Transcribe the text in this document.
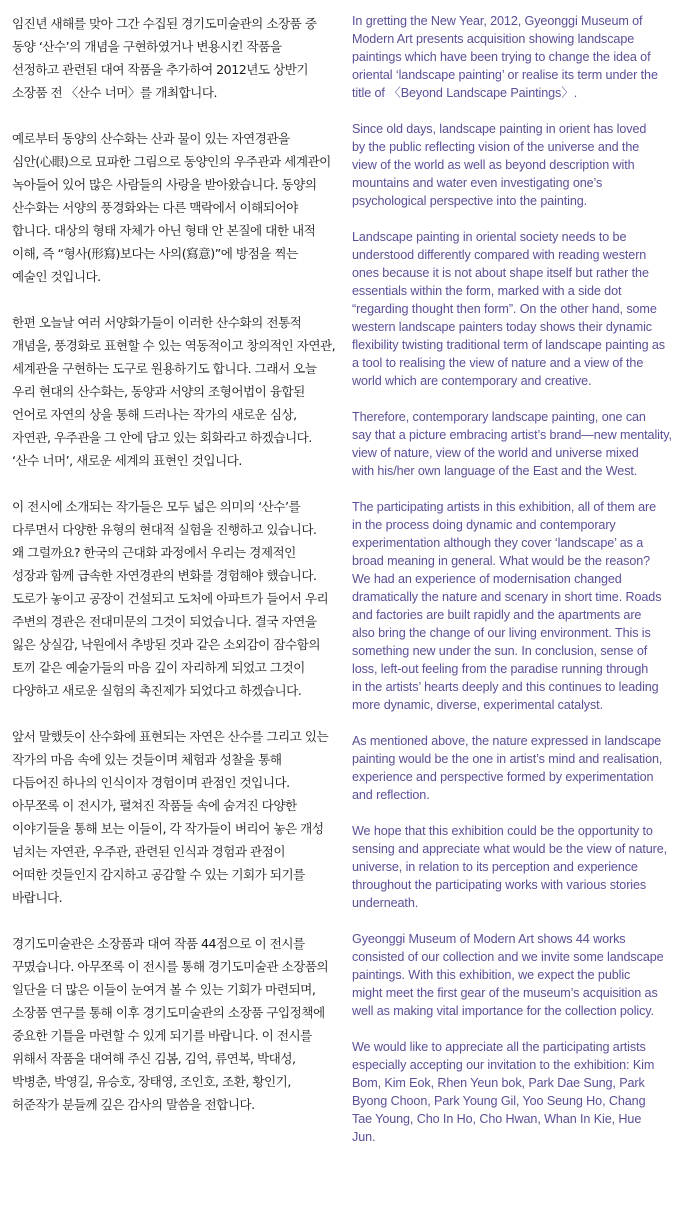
임진년 새해를 맞아 그간 수집된 경기도미술관의 소장품 중
동양 ‘산수’의 개념을 구현하였거나 변용시킨 작품을
선정하고 관련된 대여 작품을 추가하여 2012년도 상반기
소장품 전 〈산수 너머〉를 개최합니다.

예로부터 동양의 산수화는 산과 물이 있는 자연경관을
심안(心眼)으로 묘파한 그림으로 동양인의 우주관과 세계관이
녹아들어 있어 많은 사람들의 사랑을 받아왔습니다. 동양의
산수화는 서양의 풍경화와는 다른 맥락에서 이해되어야
합니다. 대상의 형태 자체가 아닌 형태 안 본질에 대한 내적
이해, 즉 “형사(形寫)보다는 사의(寫意)”에 방점을 찍는
예술인 것입니다.

한편 오늘날 여러 서양화가들이 이러한 산수화의 전통적
개념을, 풍경화로 표현할 수 있는 역동적이고 창의적인 자연관,
세계관을 구현하는 도구로 원용하기도 합니다. 그래서 오늘
우리 현대의 산수화는, 동양과 서양의 조형어법이 융합된
언어로 자연의 상을 통해 드러나는 작가의 새로운 심상,
자연관, 우주관을 그 안에 담고 있는 회화라고 하겠습니다.
‘산수 너머’, 새로운 세계의 표현인 것입니다.

이 전시에 소개되는 작가들은 모두 넓은 의미의 ‘산수’를
다루면서 다양한 유형의 현대적 실험을 진행하고 있습니다.
왜 그럴까요? 한국의 근대화 과정에서 우리는 경제적인
성장과 함께 급속한 자연경관의 변화를 경험해야 했습니다.
도로가 놓이고 공장이 건설되고 도처에 아파트가 들어서 우리
주변의 경관은 전대미문의 그것이 되었습니다. 결국 자연을
잃은 상실감, 낙원에서 추방된 것과 같은 소외감이 잠수함의
토끼 같은 예술가들의 마음 깊이 자리하게 되었고 그것이
다양하고 새로운 실험의 촉진제가 되었다고 하겠습니다.

앞서 말했듯이 산수화에 표현되는 자연은 산수를 그리고 있는
작가의 마음 속에 있는 것들이며 체험과 성찰을 통해
다듬어진 하나의 인식이자 경험이며 관점인 것입니다.
아무쪼록 이 전시가, 펼쳐진 작품들 속에 숨겨진 다양한
이야기들을 통해 보는 이들이, 각 작가들이 벼리어 놓은 개성
넘치는 자연관, 우주관, 관련된 인식과 경험과 관점이
어떠한 것들인지 감지하고 공감할 수 있는 기회가 되기를
바랍니다.

경기도미술관은 소장품과 대여 작품 44점으로 이 전시를
꾸몄습니다. 아무쪼록 이 전시를 통해 경기도미술관 소장품의
일단을 더 많은 이들이 눈여겨 볼 수 있는 기회가 마련되며,
소장품 연구를 통해 이후 경기도미술관의 소장품 구입정책에
중요한 기틀을 마련할 수 있게 되기를 바랍니다. 이 전시를
위해서 작품을 대여해 주신 김봄, 김억, 류연복, 박대성,
박병춘, 박영길, 유승호, 장태영, 조인호, 조환, 황인기,
허준작가 분들께 깊은 감사의 말씀을 전합니다.

In gretting the New Year, 2012, Gyeonggi Museum of
Modern Art presents acquisition showing landscape
paintings which have been trying to change the idea of
oriental ‘landscape painting’ or realise its term under the
title of 〈Beyond Landscape Paintings〉.

Since old days, landscape painting in orient has loved
by the public reflecting vision of the universe and the
view of the world as well as beyond description with
mountains and water even investigating one’s
psychological perspective into the painting.

Landscape painting in oriental society needs to be
understood differently compared with reading western
ones because it is not about shape itself but rather the
essentials within the form, marked with a side dot
“regarding thought then form”. On the other hand, some
western landscape painters today shows their dynamic
flexibility twisting traditional term of landscape painting as
a tool to realising the view of nature and a view of the
world which are contemporary and creative.

Therefore, contemporary landscape painting, one can
say that a picture embracing artist’s brand—new mentality,
view of nature, view of the world and universe mixed
with his/her own language of the East and the West.

The participating artists in this exhibition, all of them are
in the process doing dynamic and contemporary
experimentation although they cover ‘landscape’ as a
broad meaning in general. What would be the reason?
We had an experience of modernisation changed
dramatically the nature and scenary in short time. Roads
and factories are built rapidly and the apartments are
also bring the change of our living environment. This is
something new under the sun. In conclusion, sense of
loss, left-out feeling from the paradise running through
in the artists’ hearts deeply and this continues to leading
more dynamic, diverse, experimental catalyst.

As mentioned above, the nature expressed in landscape
painting would be the one in artist’s mind and realisation,
experience and perspective formed by experimentation
and reflection.

We hope that this exhibition could be the opportunity to
sensing and appreciate what would be the view of nature,
universe, in relation to its perception and experience
throughout the participating works with various stories
underneath.

Gyeonggi Museum of Modern Art shows 44 works
consisted of our collection and we invite some landscape
paintings. With this exhibition, we expect the public
might meet the first gear of the museum’s acquisition as
well as making vital importance for the collection policy.

We would like to appreciate all the participating artists
especially accepting our invitation to the exhibition: Kim
Bom, Kim Eok, Rhen Yeun bok, Park Dae Sung, Park
Byong Choon, Park Young Gil, Yoo Seung Ho, Chang
Tae Young, Cho In Ho, Cho Hwan, Whan In Kie, Hue
Jun.
